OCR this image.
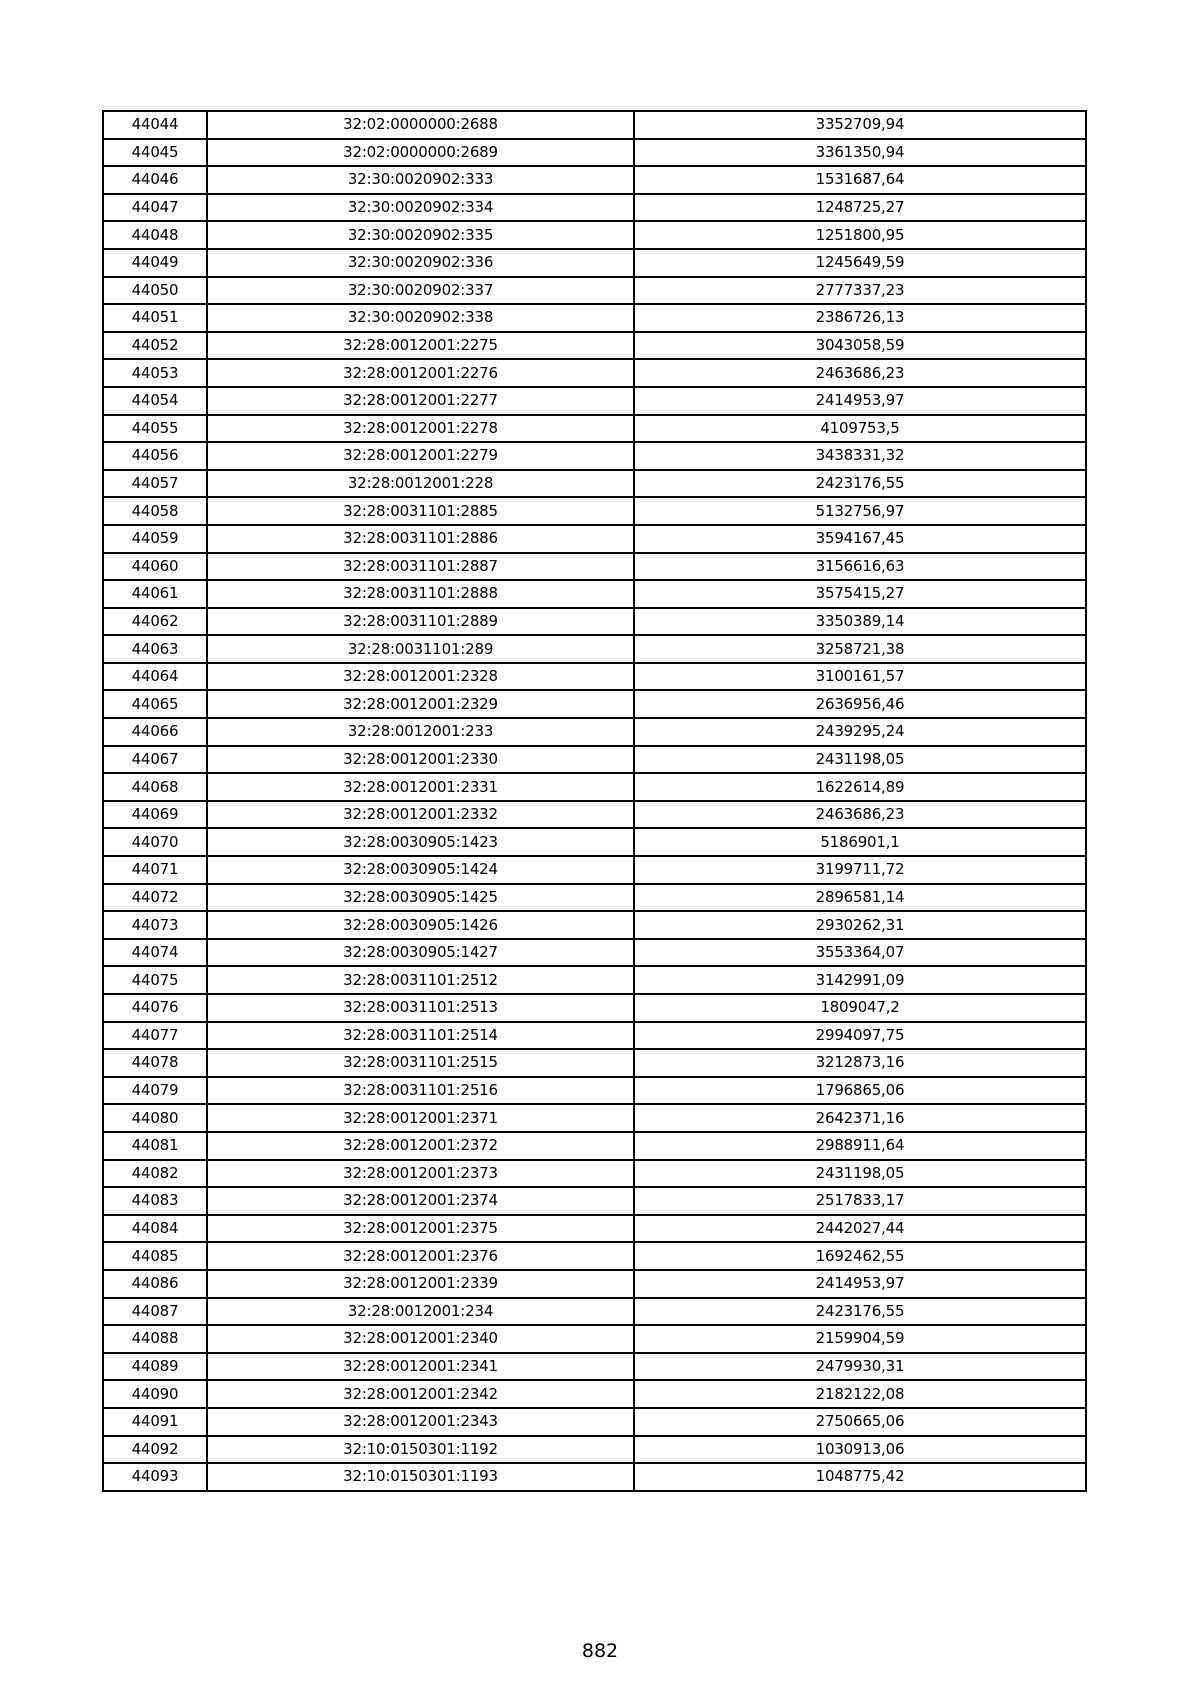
44044	32:02:0000000:2688	3352709,94
44045	32:02:0000000:2689	3361350,94
44046	32:30:0020902:333	1531687,64
44047	32:30:0020902:334	1248725,27
44048	32:30:0020902:335	1251800,95
44049	32:30:0020902:336	1245649,59
44050	32:30:0020902:337	2777337,23
44051	32:30:0020902:338	2386726,13
44052	32:28:0012001:2275	3043058,59
44053	32:28:0012001:2276	2463686,23
44054	32:28:0012001:2277	2414953,97
44055	32:28:0012001:2278	4109753,5
44056	32:28:0012001:2279	3438331,32
44057	32:28:0012001:228	2423176,55
44058	32:28:0031101:2885	5132756,97
44059	32:28:0031101:2886	3594167,45
44060	32:28:0031101:2887	3156616,63
44061	32:28:0031101:2888	3575415,27
44062	32:28:0031101:2889	3350389,14
44063	32:28:0031101:289	3258721,38
44064	32:28:0012001:2328	3100161,57
44065	32:28:0012001:2329	2636956,46
44066	32:28:0012001:233	2439295,24
44067	32:28:0012001:2330	2431198,05
44068	32:28:0012001:2331	1622614,89
44069	32:28:0012001:2332	2463686,23
44070	32:28:0030905:1423	5186901,1
44071	32:28:0030905:1424	3199711,72
44072	32:28:0030905:1425	2896581,14
44073	32:28:0030905:1426	2930262,31
44074	32:28:0030905:1427	3553364,07
44075	32:28:0031101:2512	3142991,09
44076	32:28:0031101:2513	1809047,2
44077	32:28:0031101:2514	2994097,75
44078	32:28:0031101:2515	3212873,16
44079	32:28:0031101:2516	1796865,06
44080	32:28:0012001:2371	2642371,16
44081	32:28:0012001:2372	2988911,64
44082	32:28:0012001:2373	2431198,05
44083	32:28:0012001:2374	2517833,17
44084	32:28:0012001:2375	2442027,44
44085	32:28:0012001:2376	1692462,55
44086	32:28:0012001:2339	2414953,97
44087	32:28:0012001:234	2423176,55
44088	32:28:0012001:2340	2159904,59
44089	32:28:0012001:2341	2479930,31
44090	32:28:0012001:2342	2182122,08
44091	32:28:0012001:2343	2750665,06
44092	32:10:0150301:1192	1030913,06
44093	32:10:0150301:1193	1048775,42
882
